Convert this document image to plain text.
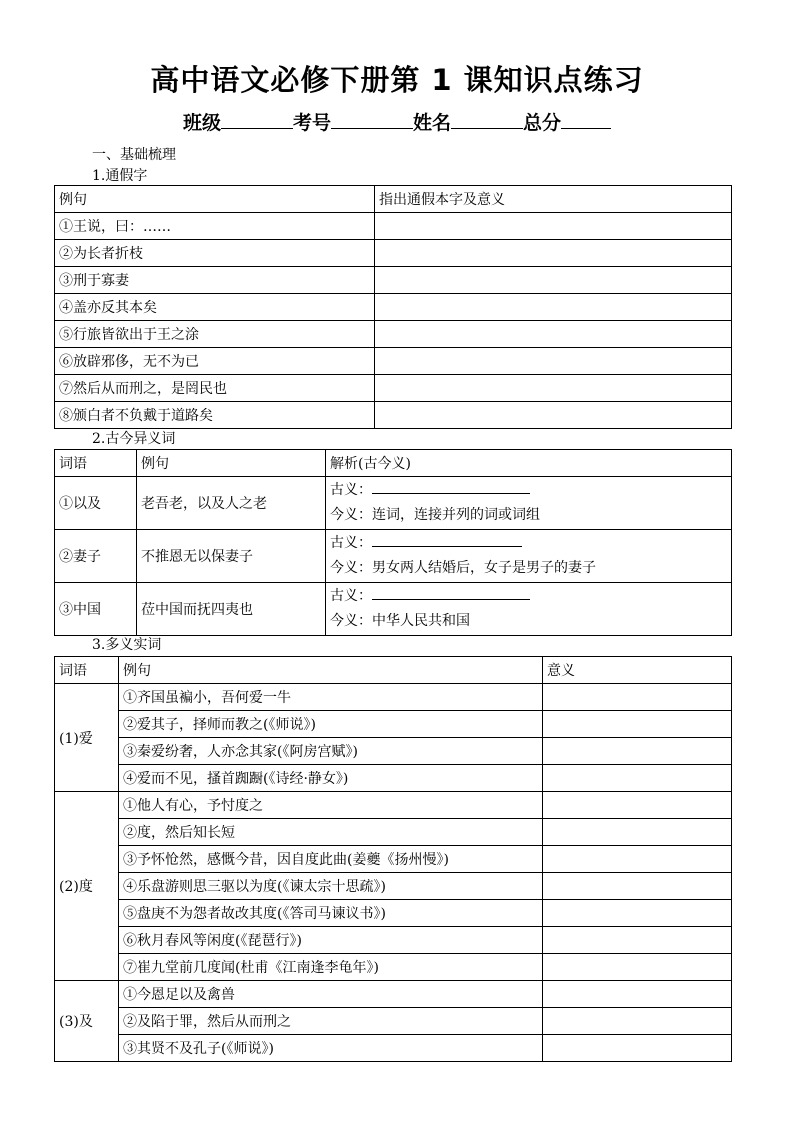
高中语文必修下册第 1 课知识点练习
班级	考号	姓名	总分
一、基础梳理
1.通假字
例句	指出通假本字及意义
①王说，曰：……	
②为长者折枝	
③刑于寡妻	
④盖亦反其本矣	
⑤行旅皆欲出于王之涂	
⑥放辟邪侈，无不为已	
⑦然后从而刑之，是罔民也	
⑧颁白者不负戴于道路矣	
2.古今异义词
词语	例句	解析(古今义)
①以及	老吾老，以及人之老	古义：
今义：连词，连接并列的词或词组

②妻子	不推恩无以保妻子	古义：
今义：男女两人结婚后，女子是男子的妻子

③中国	莅中国而抚四夷也	古义：
今义：中华人民共和国
3.多义实词
词语	例句	意义
(1)爱	①齐国虽褊小，吾何爱一牛	
	②爱其子，择师而教之(《师说》)	
	③秦爱纷奢，人亦念其家(《阿房宫赋》)	
	④爱而不见，搔首踟蹰(《诗经·静女》)	
(2)度	①他人有心，予忖度之	
	②度，然后知长短	
	③予怀怆然，感慨今昔，因自度此曲(姜夔《扬州慢》)	
	④乐盘游则思三驱以为度(《谏太宗十思疏》)	
	⑤盘庚不为怨者故改其度(《答司马谏议书》)	
	⑥秋月春风等闲度(《琵琶行》)	
	⑦崔九堂前几度闻(杜甫《江南逢李龟年》)	
(3)及	①今恩足以及禽兽	
	②及陷于罪，然后从而刑之	
	③其贤不及孔子(《师说》)	
